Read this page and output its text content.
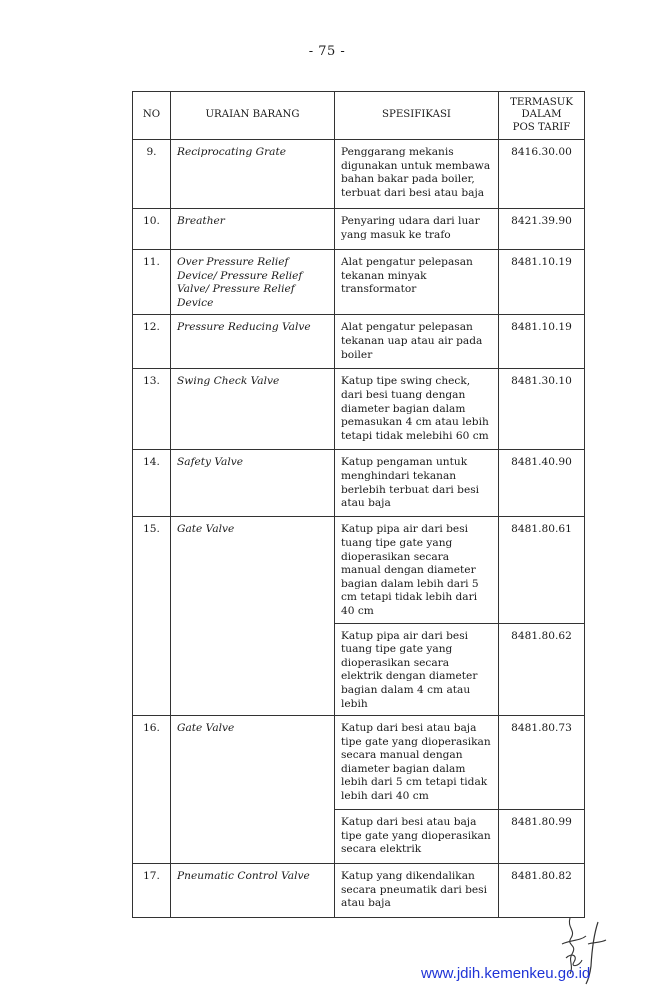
- 75 -
NO	URAIAN BARANG	SPESIFIKASI	TERMASUK
DALAM
POS TARIF

9.	Reciprocating Grate	Penggarang mekanis digunakan untuk membawa bahan bakar pada boiler, terbuat dari besi atau baja	8416.30.00
10.	Breather	Penyaring udara dari luar yang masuk ke trafo	8421.39.90
11.	Over Pressure Relief Device/ Pressure Relief Valve/ Pressure Relief Device	Alat pengatur pelepasan tekanan minyak transformator	8481.10.19
12.	Pressure Reducing Valve	Alat pengatur pelepasan tekanan uap atau air pada boiler	8481.10.19
13.	Swing Check Valve	Katup tipe swing check, dari besi tuang dengan diameter bagian dalam pemasukan 4 cm atau lebih tetapi tidak melebihi 60 cm	8481.30.10
14.	Safety Valve	Katup pengaman untuk menghindari tekanan berlebih terbuat dari besi atau baja	8481.40.90
15.	Gate Valve	Katup pipa air dari besi tuang tipe gate yang dioperasikan secara manual dengan diameter bagian dalam lebih dari 5 cm tetapi tidak lebih dari 40 cm	8481.80.61
		Katup pipa air dari besi tuang tipe gate yang dioperasikan secara elektrik dengan diameter bagian dalam 4 cm atau lebih	8481.80.62
16.	Gate Valve	Katup dari besi atau baja tipe gate yang dioperasikan secara manual dengan diameter bagian dalam lebih dari 5 cm tetapi tidak lebih dari 40 cm	8481.80.73
		Katup dari besi atau baja tipe gate yang dioperasikan secara elektrik	8481.80.99
17.	Pneumatic Control Valve	Katup yang dikendalikan secara pneumatik dari besi atau baja	8481.80.82
www.jdih.kemenkeu.go.id
